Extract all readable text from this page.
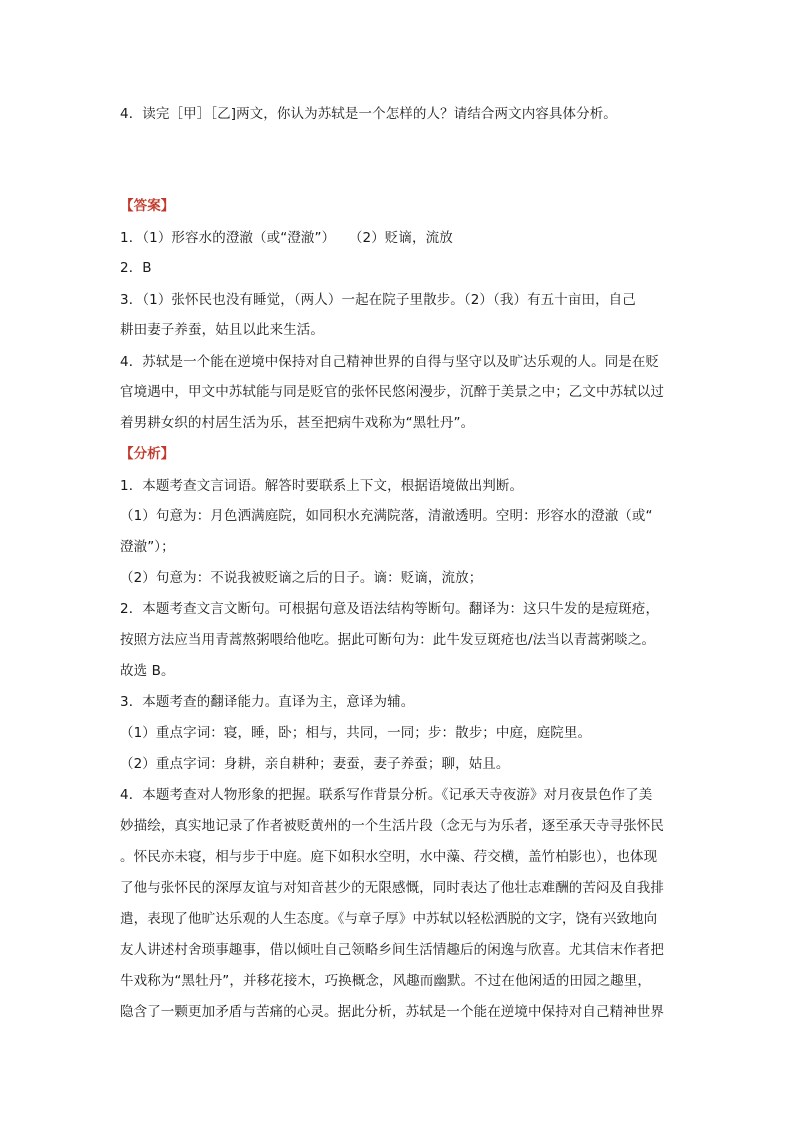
4．读完［甲］［乙]两文，你认为苏轼是一个怎样的人？请结合两文内容具体分析。
【答案】
1．（1）形容水的澄澈（或“澄澈”）　　（2）贬谪，流放
2．B
3．（1）张怀民也没有睡觉，（两人）一起在院子里散步。（2）（我）有五十亩田，自己
耕田妻子养蚕，姑且以此来生活。
4．苏轼是一个能在逆境中保持对自己精神世界的自得与坚守以及旷达乐观的人。同是在贬
官境遇中，甲文中苏轼能与同是贬官的张怀民悠闲漫步，沉醉于美景之中；乙文中苏轼以过
着男耕女织的村居生活为乐，甚至把病牛戏称为“黑牡丹”。
【分析】
1．本题考查文言词语。解答时要联系上下文，根据语境做出判断。
（1）句意为：月色洒满庭院，如同积水充满院落，清澈透明。空明：形容水的澄澈（或“
澄澈”）；
（2）句意为：不说我被贬谪之后的日子。谪：贬谪，流放；
2．本题考查文言文断句。可根据句意及语法结构等断句。翻译为：这只牛发的是痘斑疮，
按照方法应当用青蒿熬粥喂给他吃。据此可断句为：此牛发豆斑疮也/法当以青蒿粥啖之。
故选 B。
3．本题考查的翻译能力。直译为主，意译为辅。
（1）重点字词：寝，睡，卧；相与，共同，一同；步：散步；中庭，庭院里。
（2）重点字词：身耕，亲自耕种；妻蚕，妻子养蚕；聊，姑且。
4．本题考查对人物形象的把握。联系写作背景分析。《记承天寺夜游》对月夜景色作了美
妙描绘，真实地记录了作者被贬黄州的一个生活片段（念无与为乐者，逐至承天寺寻张怀民
。怀民亦未寝，相与步于中庭。庭下如积水空明，水中藻、荇交横，盖竹柏影也），也体现
了他与张怀民的深厚友谊与对知音甚少的无限感慨，同时表达了他壮志难酬的苦闷及自我排
遣，表现了他旷达乐观的人生态度。《与章子厚》中苏轼以轻松洒脱的文字，饶有兴致地向
友人讲述村舍琐事趣事，借以倾吐自己领略乡间生活情趣后的闲逸与欣喜。尤其信末作者把
牛戏称为“黑牡丹”，并移花接木，巧换概念，风趣而幽默。不过在他闲适的田园之趣里，
隐含了一颗更加矛盾与苦痛的心灵。据此分析，苏轼是一个能在逆境中保持对自己精神世界
